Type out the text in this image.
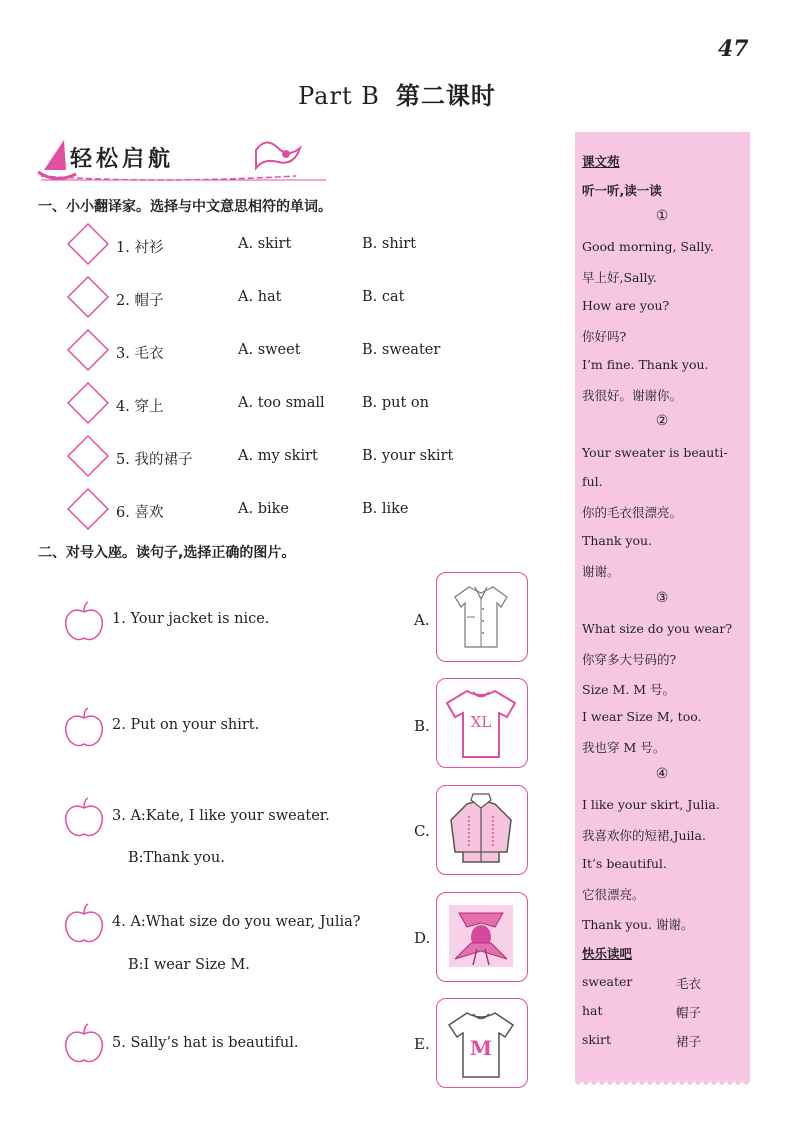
47
Part B 第二课时
轻松启航
一、小小翻译家。选择与中文意思相符的单词。
1. 衬衫	A. skirt	B. shirt
2. 帽子	A. hat	B. cat
3. 毛衣	A. sweet	B. sweater
4. 穿上	A. too small	B. put on
5. 我的裙子	A. my skirt	B. your skirt
6. 喜欢	A. bike	B. like
二、对号入座。读句子,选择正确的图片。
1. Your jacket is nice.
2. Put on your shirt.
3. A:Kate, I like your sweater.
B:Thank you.
4. A:What size do you wear, Julia?
B:I wear Size M.
5. Sally’s hat is beautiful.
A.
B.	XL
C.
D.
E. M
课文苑
听一听,读一读
①
Good morning, Sally.
早上好,Sally.
How are you?
你好吗?
I’m fine. Thank you.
我很好。谢谢你。
②
Your sweater is beauti-
ful.
你的毛衣很漂亮。
Thank you.
谢谢。
③
What size do you wear?
你穿多大号码的?
Size M. M 号。
I wear Size M, too.
我也穿 M 号。
④
I like your skirt, Julia.
我喜欢你的短裙,Juila.
It’s beautiful.
它很漂亮。
Thank you. 谢谢。
快乐读吧
sweater	毛衣
hat	帽子
skirt	裙子
